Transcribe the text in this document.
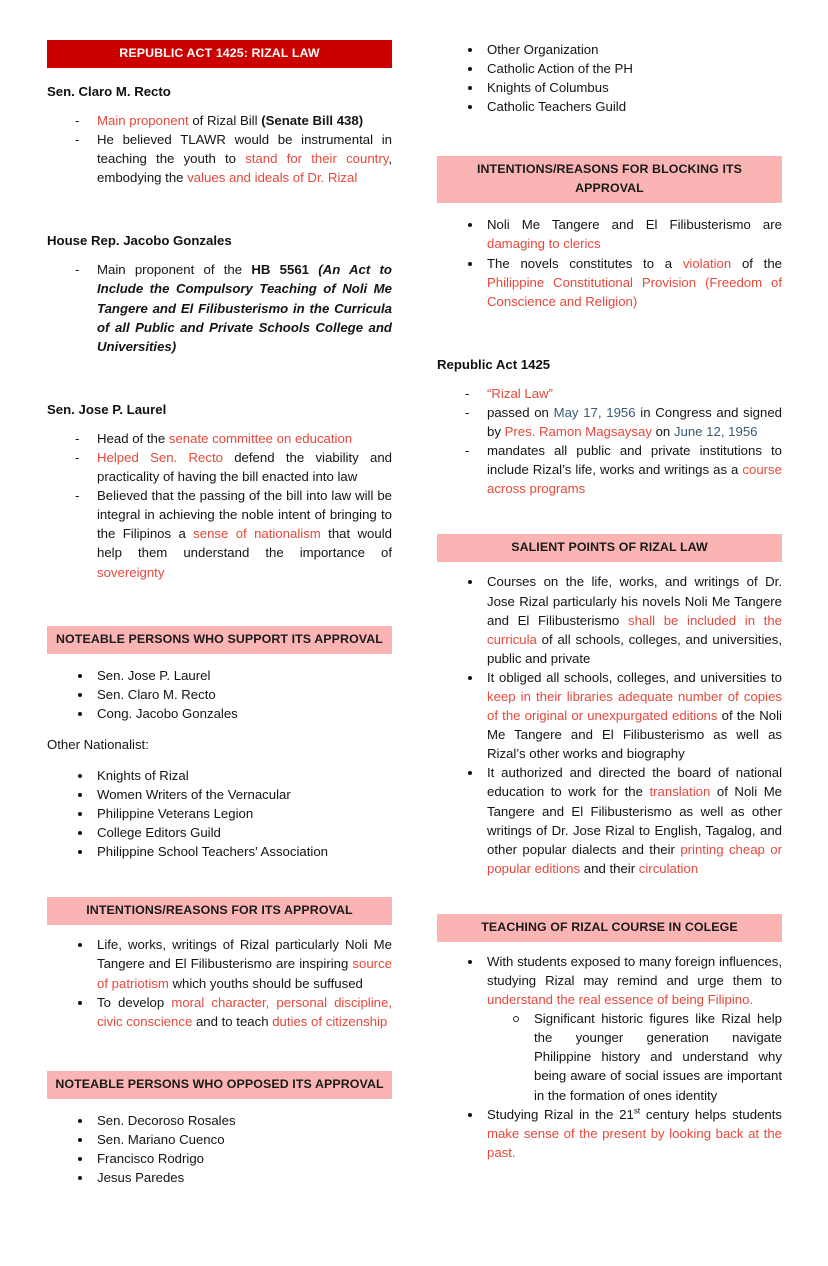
REPUBLIC ACT 1425: RIZAL LAW
Sen. Claro M. Recto
- Main proponent of Rizal Bill (Senate Bill 438)
- He believed TLAWR would be instrumental in teaching the youth to stand for their country, embodying the values and ideals of Dr. Rizal
House Rep. Jacobo Gonzales
- Main proponent of the HB 5561 (An Act to Include the Compulsory Teaching of Noli Me Tangere and El Filibusterismo in the Curricula of all Public and Private Schools College and Universities)
Sen. Jose P. Laurel
- Head of the senate committee on education
- Helped Sen. Recto defend the viability and practicality of having the bill enacted into law
- Believed that the passing of the bill into law will be integral in achieving the noble intent of bringing to the Filipinos a sense of nationalism that would help them understand the importance of sovereignty
NOTEABLE PERSONS WHO SUPPORT ITS APPROVAL
Sen. Jose P. Laurel
Sen. Claro M. Recto
Cong. Jacobo Gonzales
Other Nationalist:
Knights of Rizal
Women Writers of the Vernacular
Philippine Veterans Legion
College Editors Guild
Philippine School Teachers' Association
INTENTIONS/REASONS FOR ITS APPROVAL
Life, works, writings of Rizal particularly Noli Me Tangere and El Filibusterismo are inspiring source of patriotism which youths should be suffused
To develop moral character, personal discipline, civic conscience and to teach duties of citizenship
NOTEABLE PERSONS WHO OPPOSED ITS APPROVAL
Sen. Decoroso Rosales
Sen. Mariano Cuenco
Francisco Rodrigo
Jesus Paredes
Other Organization
Catholic Action of the PH
Knights of Columbus
Catholic Teachers Guild
INTENTIONS/REASONS FOR BLOCKING ITS APPROVAL
Noli Me Tangere and El Filibusterismo are damaging to clerics
The novels constitutes to a violation of the Philippine Constitutional Provision (Freedom of Conscience and Religion)
Republic Act 1425
- “Rizal Law”
- passed on May 17, 1956 in Congress and signed by Pres. Ramon Magsaysay on June 12, 1956
- mandates all public and private institutions to include Rizal’s life, works and writings as a course across programs
SALIENT POINTS OF RIZAL LAW
Courses on the life, works, and writings of Dr. Jose Rizal particularly his novels Noli Me Tangere and El Filibusterismo shall be included in the curricula of all schools, colleges, and universities, public and private
It obliged all schools, colleges, and universities to keep in their libraries adequate number of copies of the original or unexpurgated editions of the Noli Me Tangere and El Filibusterismo as well as Rizal’s other works and biography
It authorized and directed the board of national education to work for the translation of Noli Me Tangere and El Filibusterismo as well as other writings of Dr. Jose Rizal to English, Tagalog, and other popular dialects and their printing cheap or popular editions and their circulation
TEACHING OF RIZAL COURSE IN COLEGE
With students exposed to many foreign influences, studying Rizal may remind and urge them to understand the real essence of being Filipino.
Significant historic figures like Rizal help the younger generation navigate Philippine history and understand why being aware of social issues are important in the formation of ones identity
Studying Rizal in the 21st century helps students make sense of the present by looking back at the past.
